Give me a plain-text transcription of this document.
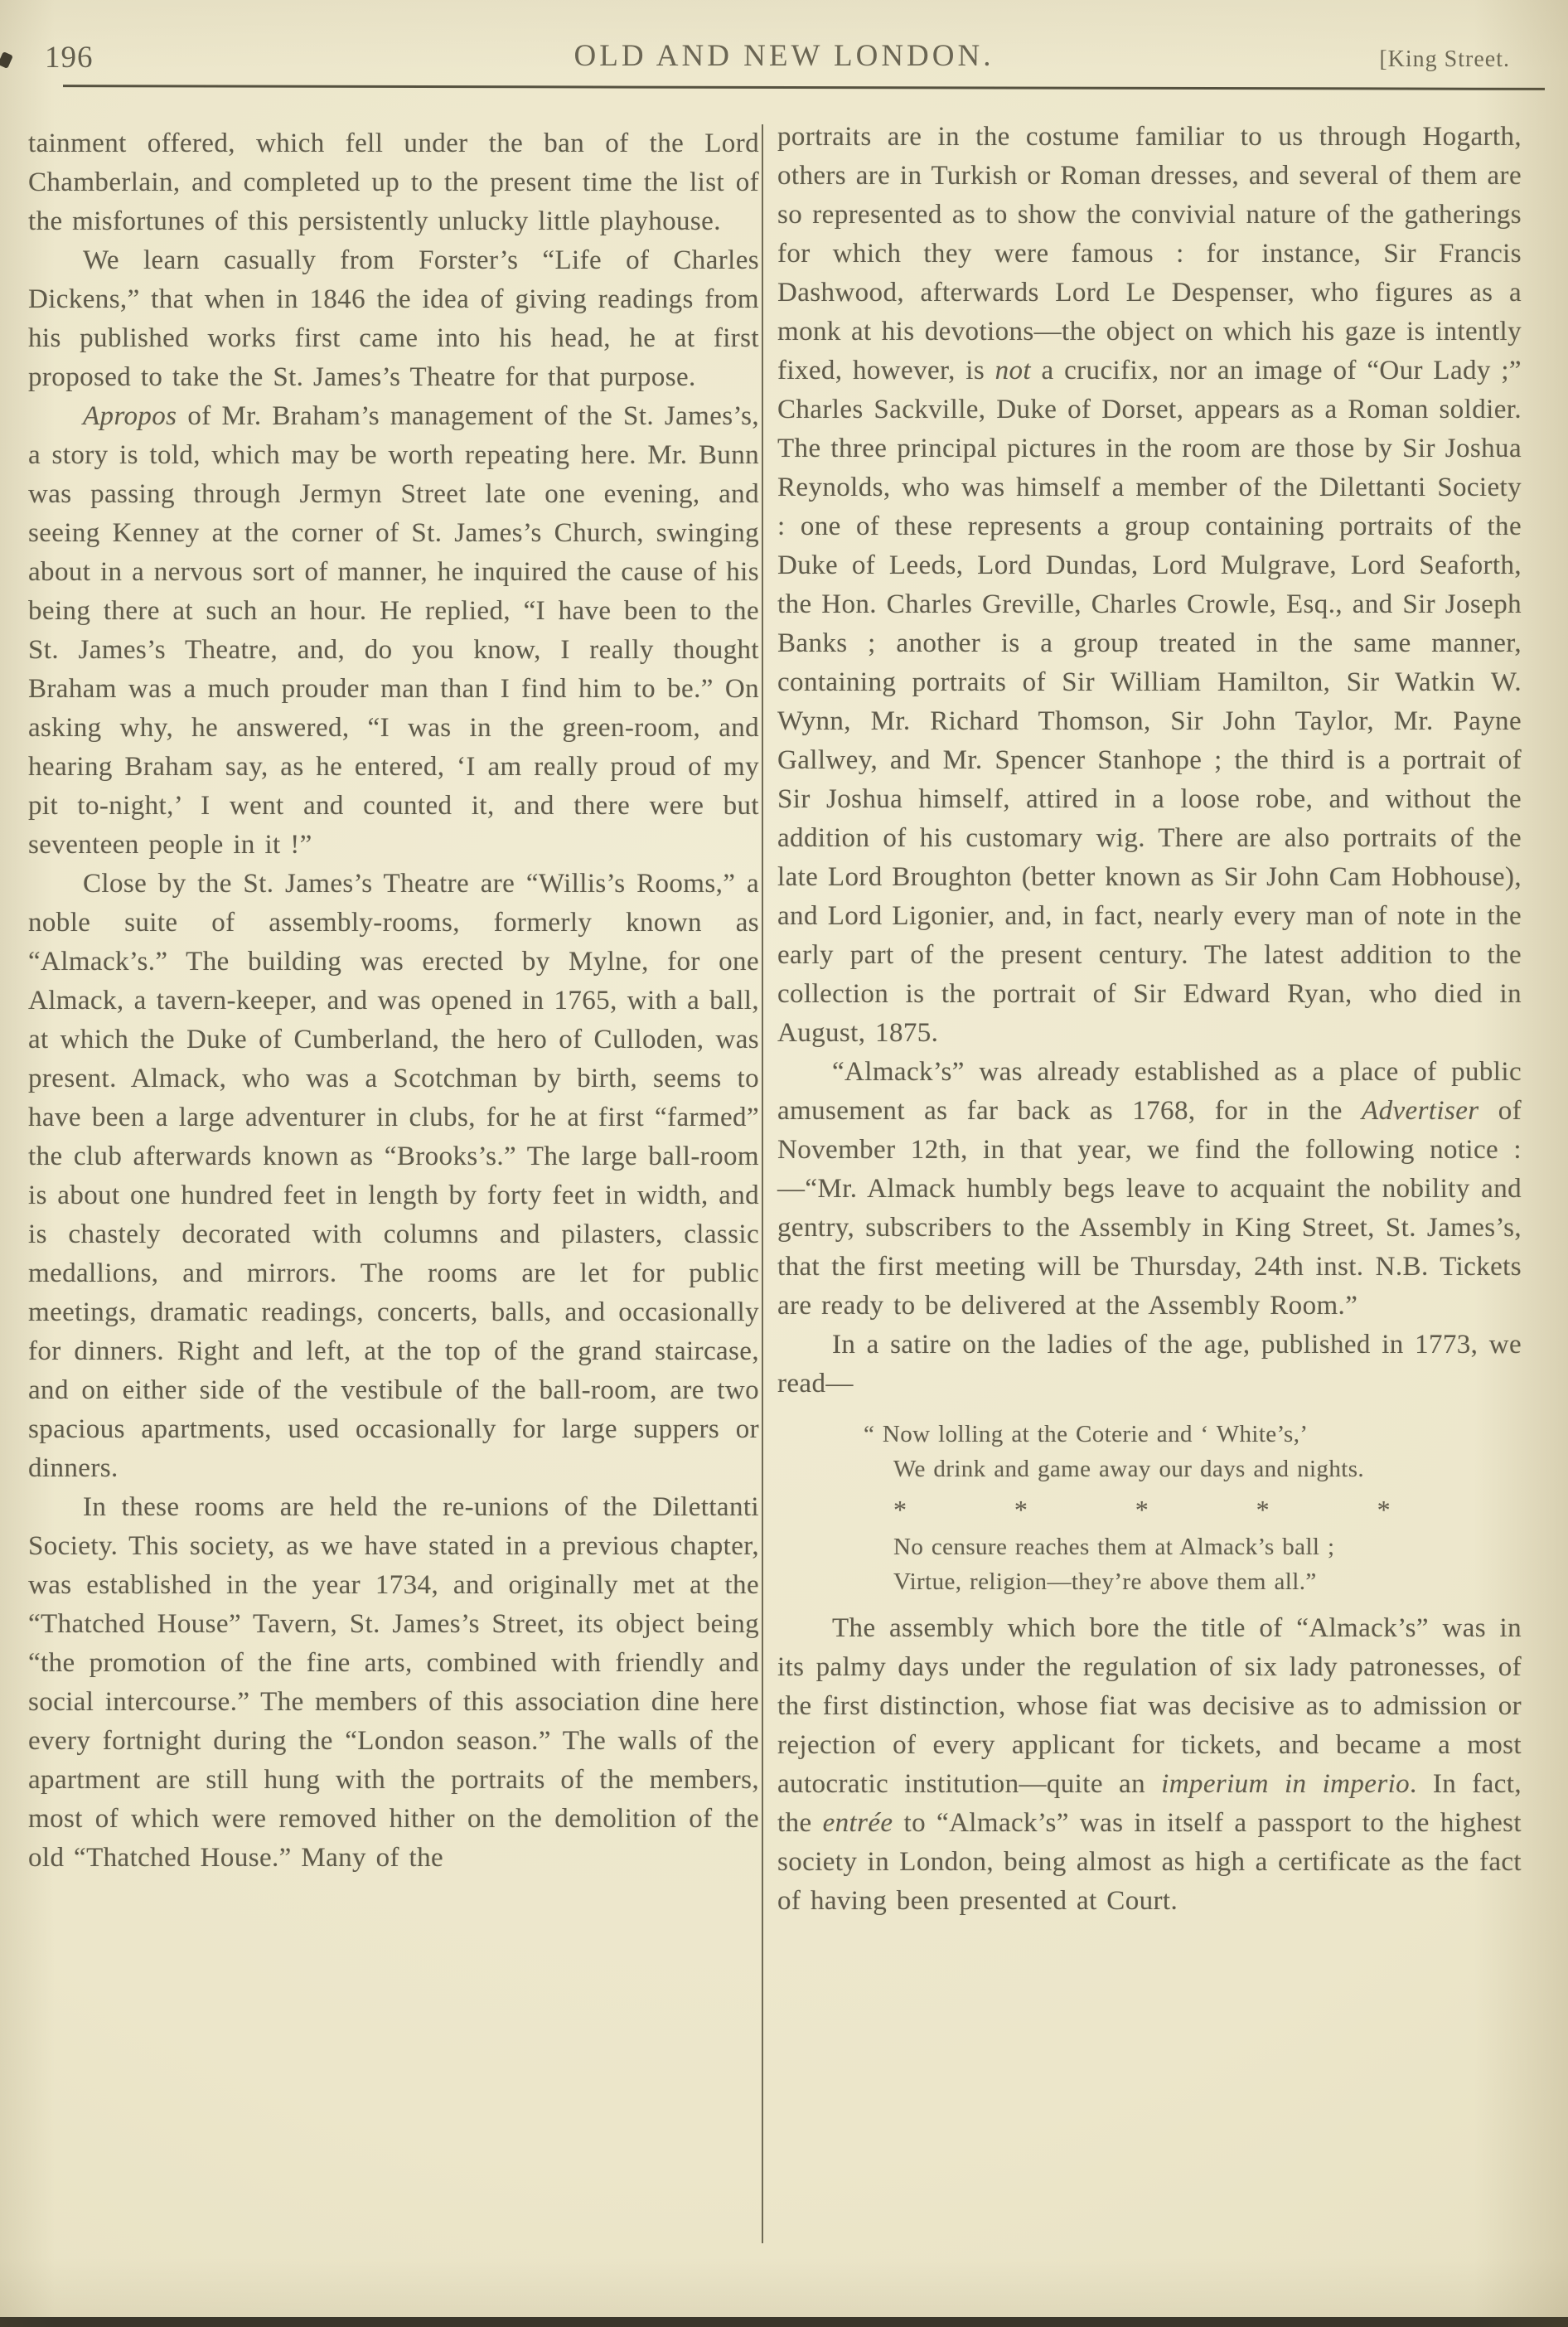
196	OLD AND NEW LONDON.	[King Street.

tainment offered, which fell under the ban of the Lord Chamberlain, and completed up to the present time the list of the misfortunes of this persistently unlucky little playhouse.

We learn casually from Forster’s “Life of Charles Dickens,” that when in 1846 the idea of giving readings from his published works first came into his head, he at first proposed to take the St. James’s Theatre for that purpose.

Apropos of Mr. Braham’s management of the St. James’s, a story is told, which may be worth repeating here. Mr. Bunn was passing through Jermyn Street late one evening, and seeing Kenney at the corner of St. James’s Church, swinging about in a nervous sort of manner, he inquired the cause of his being there at such an hour. He replied, “I have been to the St. James’s Theatre, and, do you know, I really thought Braham was a much prouder man than I find him to be.” On asking why, he answered, “I was in the green-room, and hearing Braham say, as he entered, ‘I am really proud of my pit to-night,’ I went and counted it, and there were but seventeen people in it !”

Close by the St. James’s Theatre are “Willis’s Rooms,” a noble suite of assembly-rooms, formerly known as “Almack’s.” The building was erected by Mylne, for one Almack, a tavern-keeper, and was opened in 1765, with a ball, at which the Duke of Cumberland, the hero of Culloden, was present. Almack, who was a Scotchman by birth, seems to have been a large adventurer in clubs, for he at first “farmed” the club afterwards known as “Brooks’s.” The large ball-room is about one hundred feet in length by forty feet in width, and is chastely decorated with columns and pilasters, classic medallions, and mirrors. The rooms are let for public meetings, dramatic readings, concerts, balls, and occasionally for dinners. Right and left, at the top of the grand staircase, and on either side of the vestibule of the ball-room, are two spacious apartments, used occasionally for large suppers or dinners.

In these rooms are held the re-unions of the Dilettanti Society. This society, as we have stated in a previous chapter, was established in the year 1734, and originally met at the “Thatched House” Tavern, St. James’s Street, its object being “the promotion of the fine arts, combined with friendly and social intercourse.” The members of this association dine here every fortnight during the “London season.” The walls of the apartment are still hung with the portraits of the members, most of which were removed hither on the demolition of the old “Thatched House.” Many of the

portraits are in the costume familiar to us through Hogarth, others are in Turkish or Roman dresses, and several of them are so represented as to show the convivial nature of the gatherings for which they were famous : for instance, Sir Francis Dashwood, afterwards Lord Le Despenser, who figures as a monk at his devotions—the object on which his gaze is intently fixed, however, is not a crucifix, nor an image of “Our Lady ;” Charles Sackville, Duke of Dorset, appears as a Roman soldier. The three principal pictures in the room are those by Sir Joshua Reynolds, who was himself a member of the Dilettanti Society : one of these represents a group containing portraits of the Duke of Leeds, Lord Dundas, Lord Mulgrave, Lord Seaforth, the Hon. Charles Greville, Charles Crowle, Esq., and Sir Joseph Banks ; another is a group treated in the same manner, containing portraits of Sir William Hamilton, Sir Watkin W. Wynn, Mr. Richard Thomson, Sir John Taylor, Mr. Payne Gallwey, and Mr. Spencer Stanhope ; the third is a portrait of Sir Joshua himself, attired in a loose robe, and without the addition of his customary wig. There are also portraits of the late Lord Broughton (better known as Sir John Cam Hobhouse), and Lord Ligonier, and, in fact, nearly every man of note in the early part of the present century. The latest addition to the collection is the portrait of Sir Edward Ryan, who died in August, 1875.

“Almack’s” was already established as a place of public amusement as far back as 1768, for in the Advertiser of November 12th, in that year, we find the following notice :—“Mr. Almack humbly begs leave to acquaint the nobility and gentry, subscribers to the Assembly in King Street, St. James’s, that the first meeting will be Thursday, 24th inst. N.B. Tickets are ready to be delivered at the Assembly Room.”

In a satire on the ladies of the age, published in 1773, we read—

“ Now lolling at the Coterie and ‘ White’s,’
We drink and game away our days and nights.
*	*	*	*	*
No censure reaches them at Almack’s ball ;
Virtue, religion—they’re above them all.”

The assembly which bore the title of “Almack’s” was in its palmy days under the regulation of six lady patronesses, of the first distinction, whose fiat was decisive as to admission or rejection of every applicant for tickets, and became a most autocratic institution—quite an imperium in imperio. In fact, the entrée to “Almack’s” was in itself a passport to the highest society in London, being almost as high a certificate as the fact of having been presented at Court.
